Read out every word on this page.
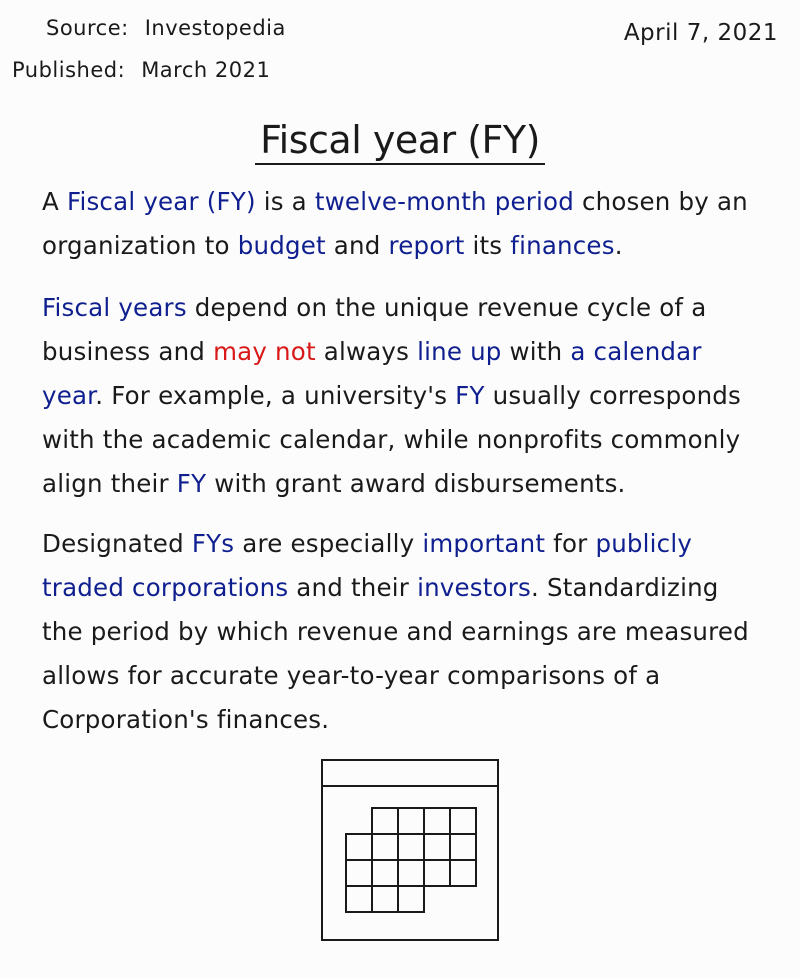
Source: Investopedia
Published: March 2021
April 7, 2021
Fiscal year (FY)
A Fiscal year (FY) is a twelve-month period chosen by an
organization to budget and report its finances.
Fiscal years depend on the unique revenue cycle of a
business and may not always line up with a calendar
year. For example, a university's FY usually corresponds
with the academic calendar, while nonprofits commonly
align their FY with grant award disbursements.
Designated FYs are especially important for publicly
traded corporations and their investors. Standardizing
the period by which revenue and earnings are measured
allows for accurate year-to-year comparisons of a
Corporation's finances.
